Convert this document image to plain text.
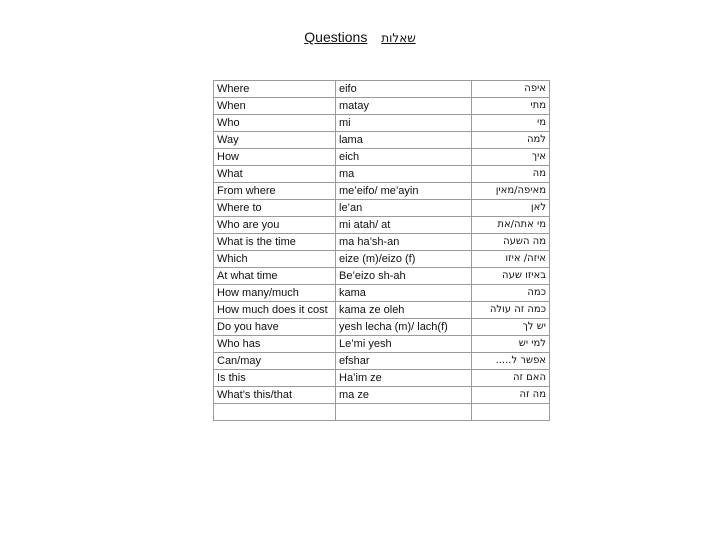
Questions שאלות
Where	eifo	איפה
When	matay	מתי
Who	mi	מי
Way	lama	למה
How	eich	איך
What	ma	מה
From where	me’eifo/ me’ayin	מאיפה/מאין
Where to	le’an	לאן
Who are you	mi atah/ at	מי אתה/את
What is the time	ma ha’sh-an	מה השעה
Which	eize (m)/eizo (f)	איזה/ איזו
At what time	Be’eizo sh-ah	באיזו שעה
How many/much	kama	כמה
How much does it cost	kama ze oleh	כמה זה עולה
Do you have	yesh lecha (m)/ lach(f)	יש לך
Who has	Le’mi yesh	למי יש
Can/may	efshar	אפשר ל.....
Is this	Ha’im ze	האם זה
What’s this/that	ma ze	מה זה
